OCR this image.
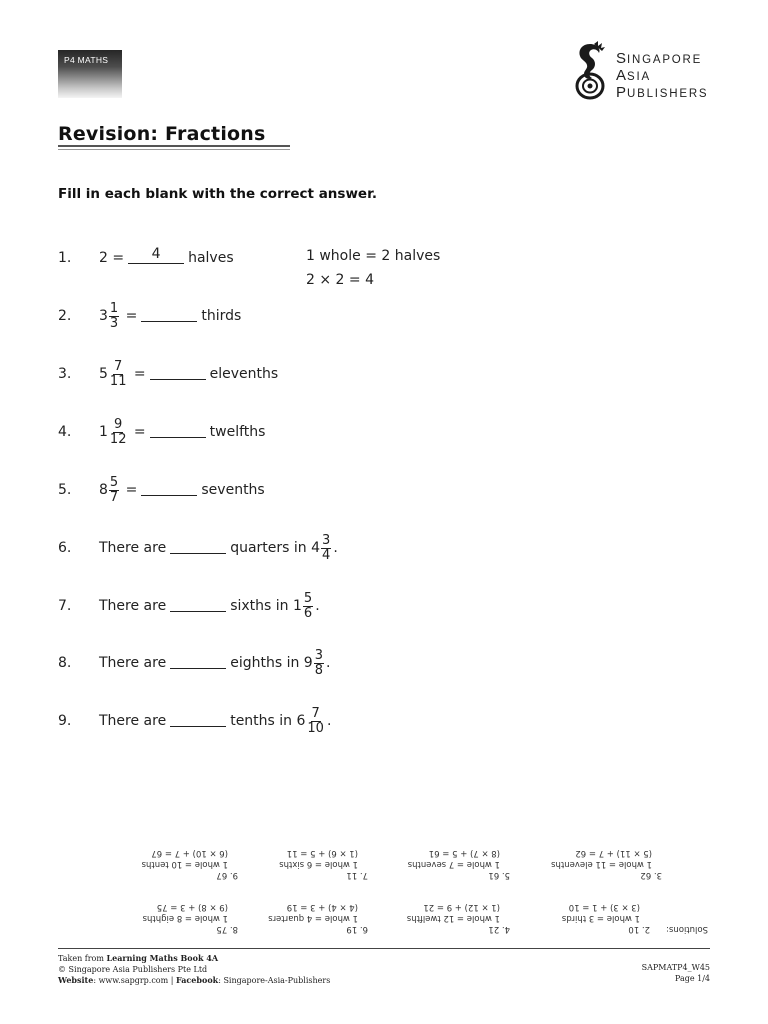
P4 MATHS	SINGAPORE
ASIA
PUBLISHERS
Revision: Fractions
Fill in each blank with the correct answer.
1.	2 =	4	halves	1 whole = 2 halves
2 × 2 = 4
2.	$3 \frac{1}{3}$ =	thirds
3.	$5 \frac{7}{11}$ =	elevenths
4.	$1 \frac{9}{12}$ =	twelfths
5.	$8 \frac{5}{7}$ =	sevenths
6.	There are	quarters in $4 \frac{3}{4}$ .
7.	There are	sixths in $1 \frac{5}{6}$ .
8.	There are	eighths in $9 \frac{3}{8}$ .
9.	There are	tenths in $6 \frac{7}{10}$ .
Solutions:
2. 10
1 whole = 3 thirds
(3 × 3) + 1 = 10
4. 21
1 whole = 12 twelfths
(1 × 12) + 9 = 21
6. 19
1 whole = 4 quarters
(4 × 4) + 3 = 19
8. 75
1 whole = 8 eighths
(9 × 8) + 3 = 75
3. 62
1 whole = 11 elevenths
(5 × 11) + 7 = 62
5. 61
1 whole = 7 sevenths
(8 × 7) + 5 = 61
7. 11
1 whole = 6 sixths
(1 × 6) + 5 = 11
9. 67
1 whole = 10 tenths
(6 × 10) + 7 = 67
Taken from Learning Maths Book 4A
© Singapore Asia Publishers Pte Ltd
Website: www.sapgrp.com | Facebook: Singapore-Asia-Publishers
SAPMATP4_W45
Page 1/4
